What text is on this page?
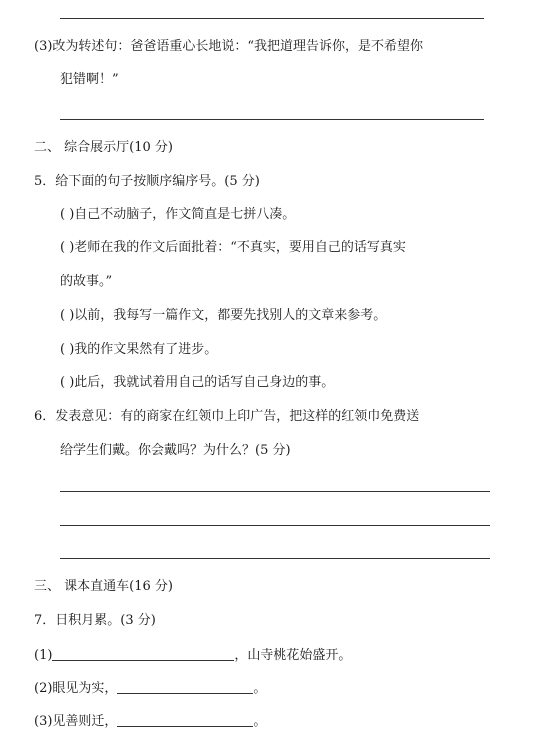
(3)改为转述句：爸爸语重心长地说：“我把道理告诉你，是不希望你
犯错啊！”
二、 综合展示厅(10 分)
5．给下面的句子按顺序编序号。(5 分)
( )自己不动脑子，作文简直是七拼八凑。
( )老师在我的作文后面批着：“不真实，要用自己的话写真实
的故事。”
( )以前，我每写一篇作文，都要先找别人的文章来参考。
( )我的作文果然有了进步。
( )此后，我就试着用自己的话写自己身边的事。
6．发表意见：有的商家在红领巾上印广告，把这样的红领巾免费送
给学生们戴。你会戴吗？为什么？(5 分)
三、 课本直通车(16 分)
7．日积月累。(3 分)
(1)	，山寺桃花始盛开。
(2)眼见为实，	。
(3)见善则迁，	。
